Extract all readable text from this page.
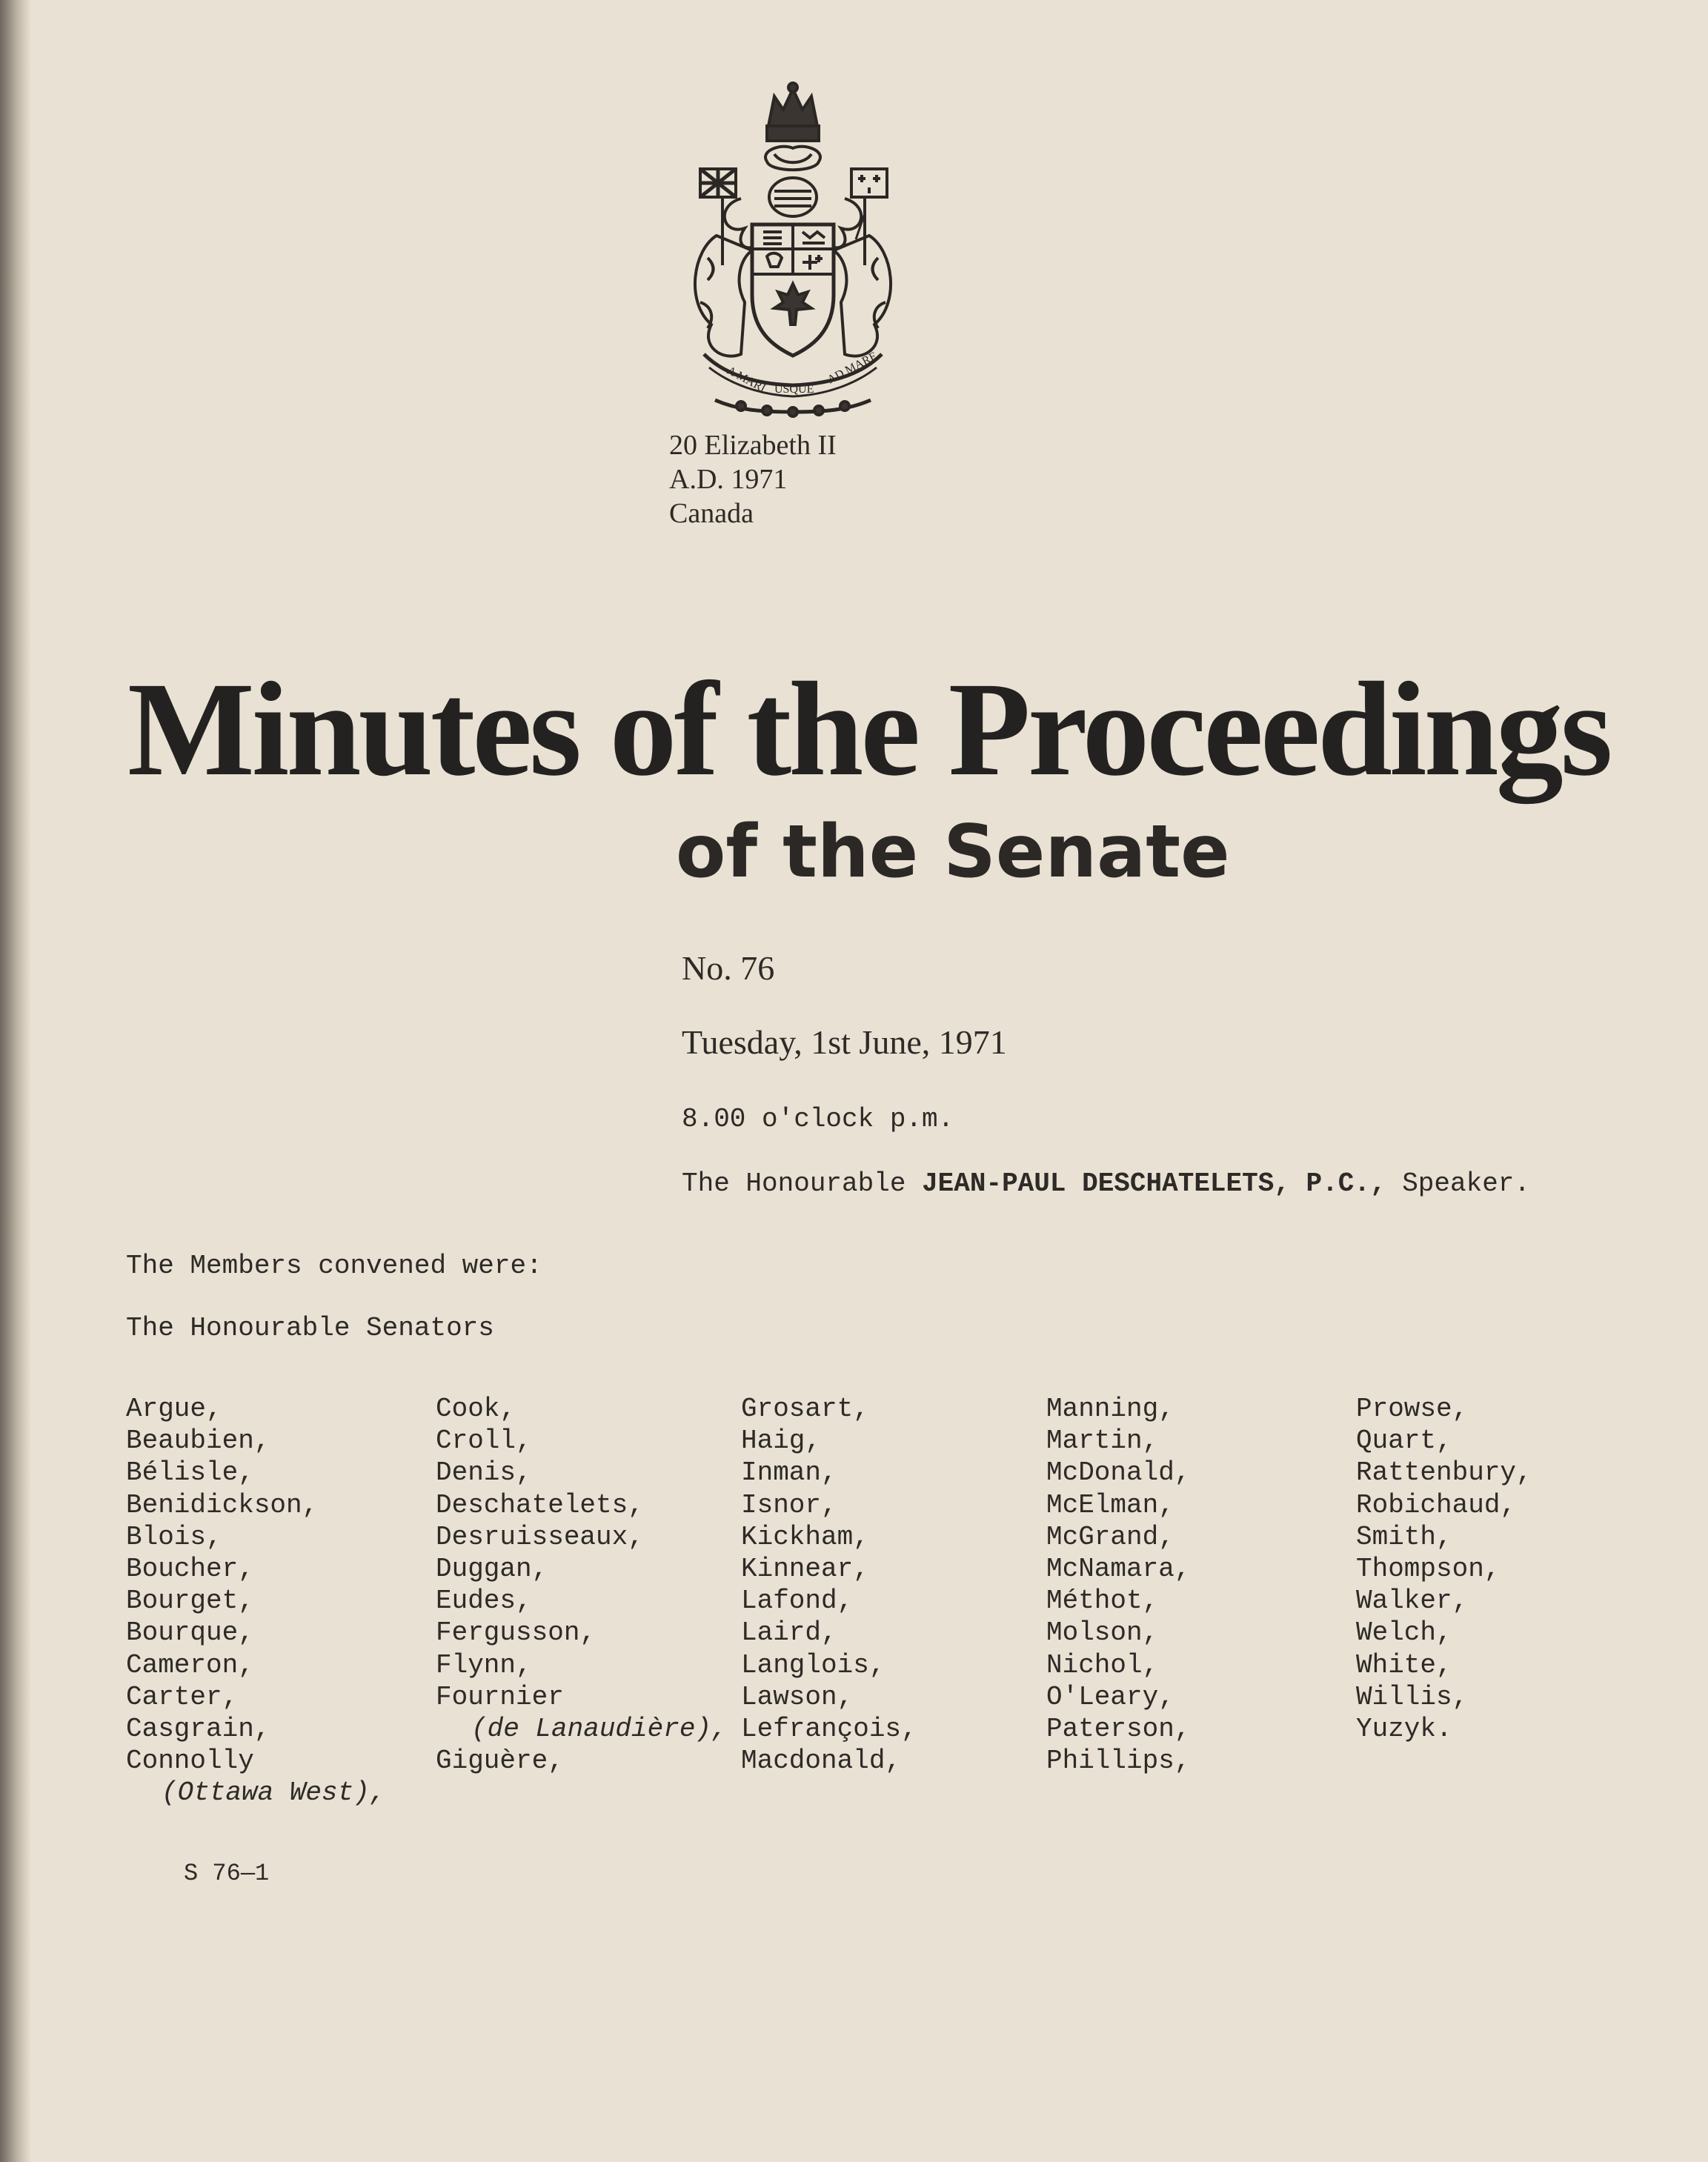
A MARI USQUE
AD MARE
20 Elizabeth II
A.D. 1971
Canada
Minutes of the Proceedings
of the Senate
No. 76
Tuesday, 1st June, 1971
8.00 o'clock p.m.
The Honourable JEAN-PAUL DESCHATELETS, P.C., Speaker.
The Members convened were:
The Honourable Senators
Argue,
Beaubien,
Bélisle,
Benidickson,
Blois,
Boucher,
Bourget,
Bourque,
Cameron,
Carter,
Casgrain,
Connolly
(Ottawa West),
Cook,
Croll,
Denis,
Deschatelets,
Desruisseaux,
Duggan,
Eudes,
Fergusson,
Flynn,
Fournier
(de Lanaudière),
Giguère,
Grosart,
Haig,
Inman,
Isnor,
Kickham,
Kinnear,
Lafond,
Laird,
Langlois,
Lawson,
Lefrançois,
Macdonald,
Manning,
Martin,
McDonald,
McElman,
McGrand,
McNamara,
Méthot,
Molson,
Nichol,
O'Leary,
Paterson,
Phillips,
Prowse,
Quart,
Rattenbury,
Robichaud,
Smith,
Thompson,
Walker,
Welch,
White,
Willis,
Yuzyk.
S 76—1
